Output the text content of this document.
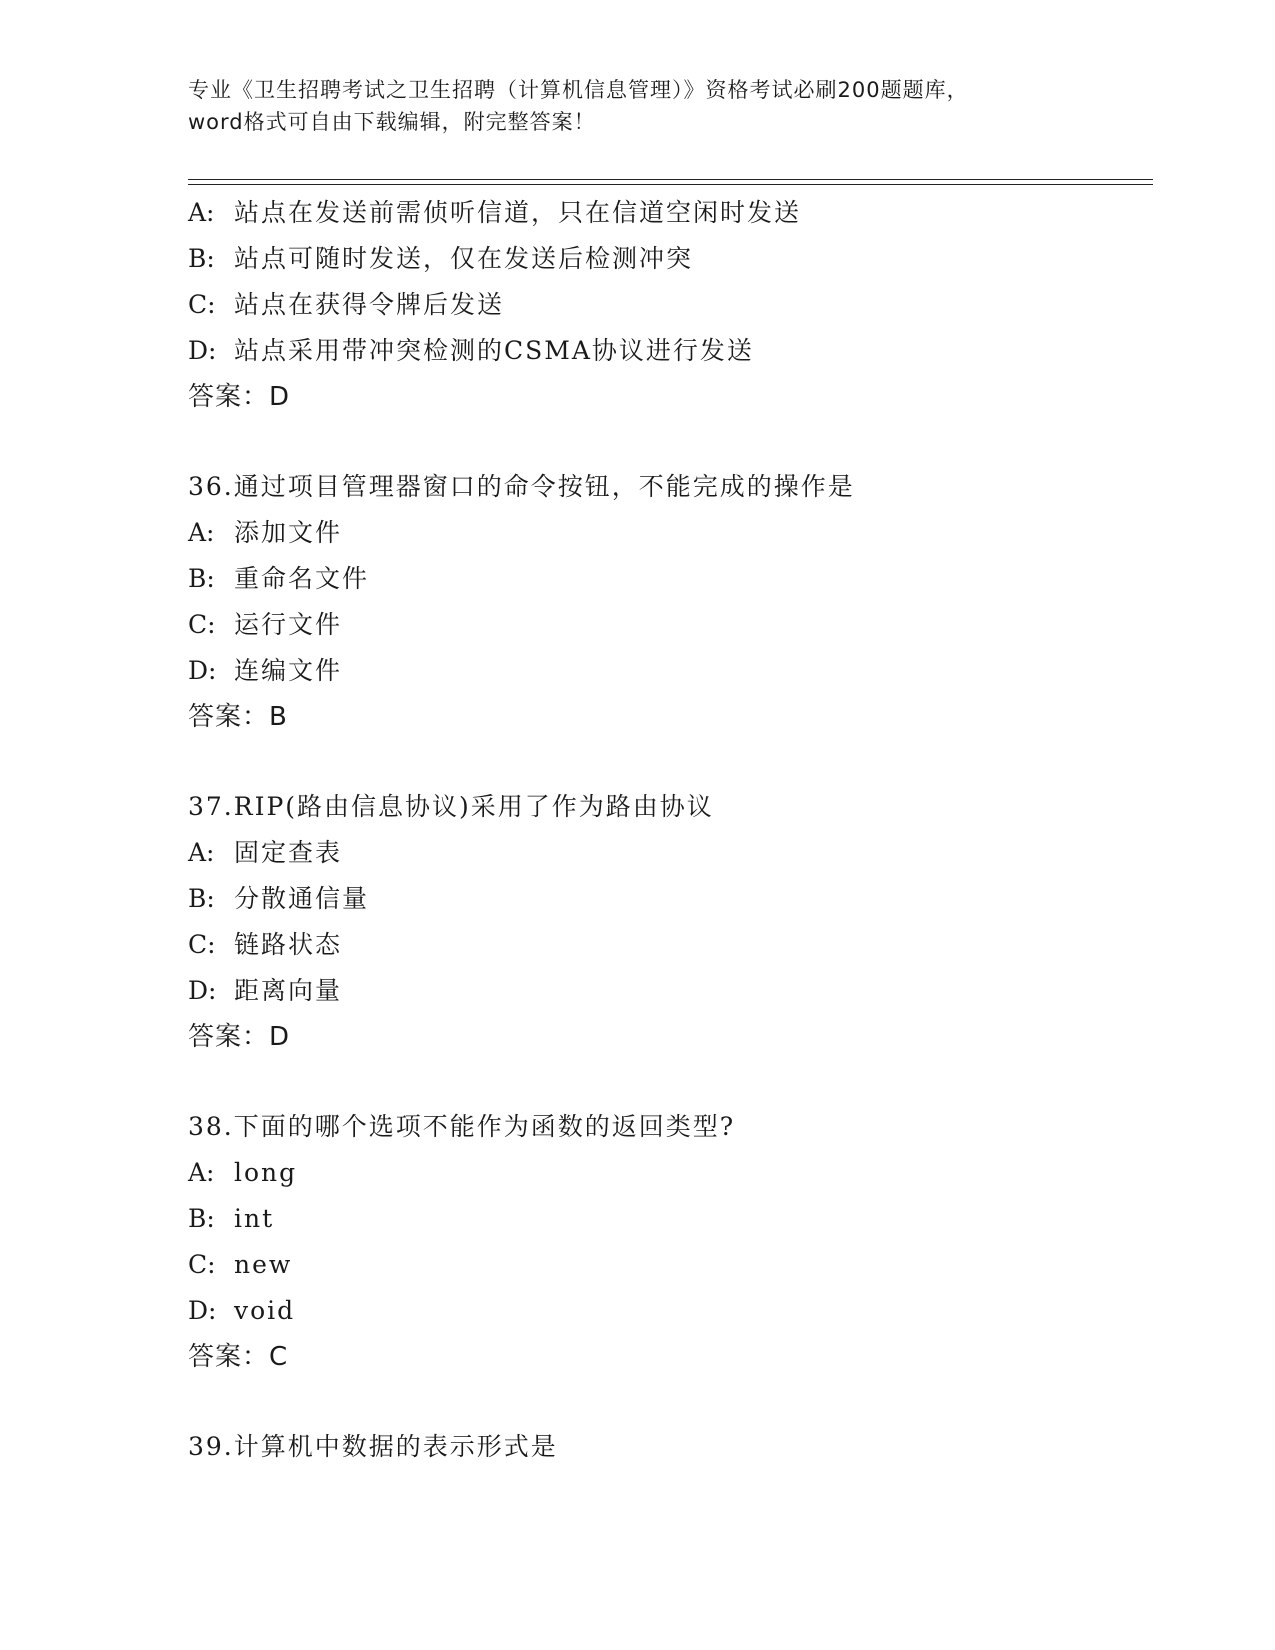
专业《卫生招聘考试之卫生招聘（计算机信息管理）》资格考试必刷200题题库，
word格式可自由下载编辑，附完整答案！
A: 站点在发送前需侦听信道，只在信道空闲时发送
B: 站点可随时发送，仅在发送后检测冲突
C: 站点在获得令牌后发送
D: 站点采用带冲突检测的CSMA协议进行发送
答案：D
36.通过项目管理器窗口的命令按钮，不能完成的操作是
A: 添加文件
B: 重命名文件
C: 运行文件
D: 连编文件
答案：B
37.RIP(路由信息协议)采用了作为路由协议
A: 固定查表
B: 分散通信量
C: 链路状态
D: 距离向量
答案：D
38.下面的哪个选项不能作为函数的返回类型?
A: long
B: int
C: new
D: void
答案：C
39.计算机中数据的表示形式是
